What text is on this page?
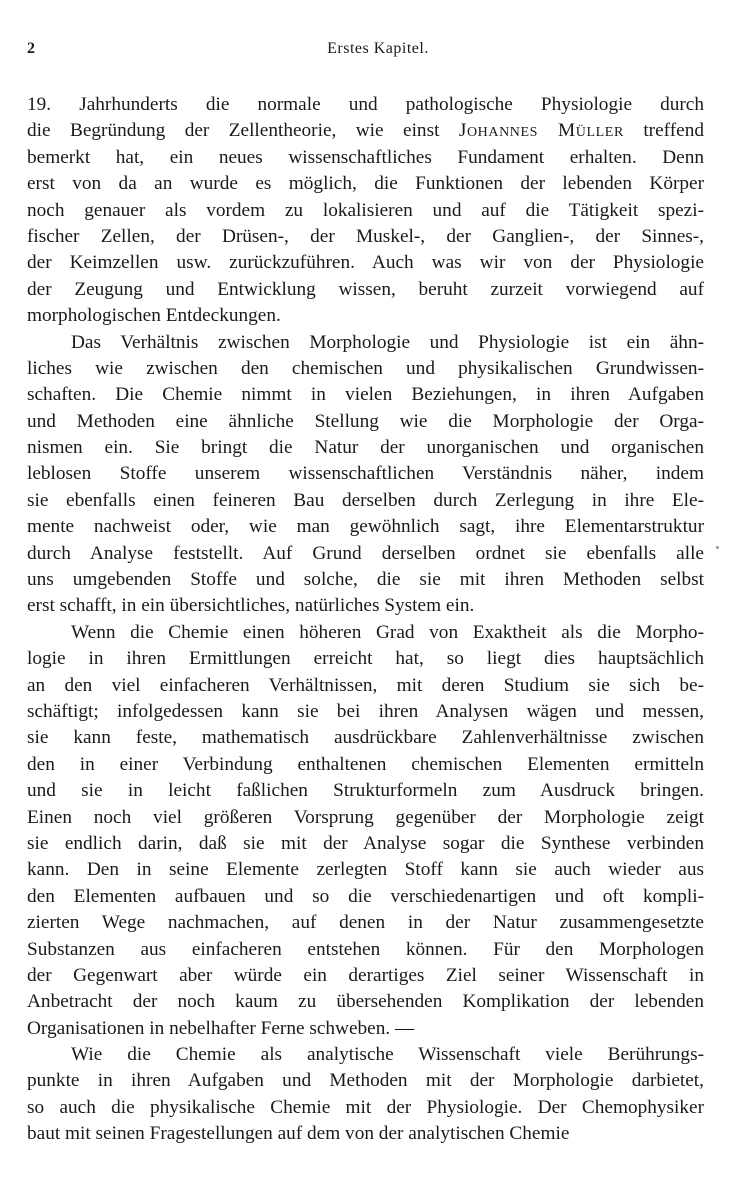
2	Erstes Kapitel.
19. Jahrhunderts die normale und pathologische Physiologie durch
die Begründung der Zellentheorie, wie einst Johannes Müller treffend
bemerkt hat, ein neues wissenschaftliches Fundament erhalten. Denn
erst von da an wurde es möglich, die Funktionen der lebenden Körper
noch genauer als vordem zu lokalisieren und auf die Tätigkeit spezi-
fischer Zellen, der Drüsen-, der Muskel-, der Ganglien-, der Sinnes-,
der Keimzellen usw. zurückzuführen. Auch was wir von der Physiologie
der Zeugung und Entwicklung wissen, beruht zurzeit vorwiegend auf
morphologischen Entdeckungen.
Das Verhältnis zwischen Morphologie und Physiologie ist ein ähn-
liches wie zwischen den chemischen und physikalischen Grundwissen-
schaften. Die Chemie nimmt in vielen Beziehungen, in ihren Aufgaben
und Methoden eine ähnliche Stellung wie die Morphologie der Orga-
nismen ein. Sie bringt die Natur der unorganischen und organischen
leblosen Stoffe unserem wissenschaftlichen Verständnis näher, indem
sie ebenfalls einen feineren Bau derselben durch Zerlegung in ihre Ele-
mente nachweist oder, wie man gewöhnlich sagt, ihre Elementarstruktur
durch Analyse feststellt. Auf Grund derselben ordnet sie ebenfalls alle
uns umgebenden Stoffe und solche, die sie mit ihren Methoden selbst
erst schafft, in ein übersichtliches, natürliches System ein.
Wenn die Chemie einen höheren Grad von Exaktheit als die Morpho-
logie in ihren Ermittlungen erreicht hat, so liegt dies hauptsächlich
an den viel einfacheren Verhältnissen, mit deren Studium sie sich be-
schäftigt; infolgedessen kann sie bei ihren Analysen wägen und messen,
sie kann feste, mathematisch ausdrückbare Zahlenverhältnisse zwischen
den in einer Verbindung enthaltenen chemischen Elementen ermitteln
und sie in leicht faßlichen Strukturformeln zum Ausdruck bringen.
Einen noch viel größeren Vorsprung gegenüber der Morphologie zeigt
sie endlich darin, daß sie mit der Analyse sogar die Synthese verbinden
kann. Den in seine Elemente zerlegten Stoff kann sie auch wieder aus
den Elementen aufbauen und so die verschiedenartigen und oft kompli-
zierten Wege nachmachen, auf denen in der Natur zusammengesetzte
Substanzen aus einfacheren entstehen können. Für den Morphologen
der Gegenwart aber würde ein derartiges Ziel seiner Wissenschaft in
Anbetracht der noch kaum zu übersehenden Komplikation der lebenden
Organisationen in nebelhafter Ferne schweben. —
Wie die Chemie als analytische Wissenschaft viele Berührungs-
punkte in ihren Aufgaben und Methoden mit der Morphologie darbietet,
so auch die physikalische Chemie mit der Physiologie. Der Chemophysiker
baut mit seinen Fragestellungen auf dem von der analytischen Chemie
